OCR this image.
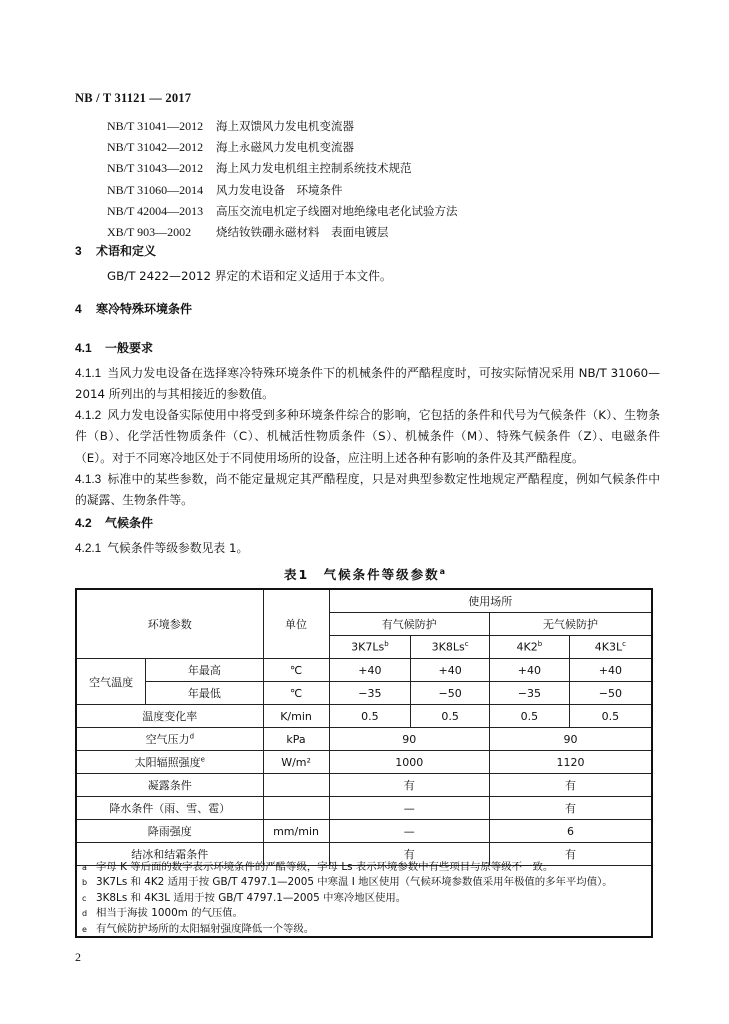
NB / T 31121 — 2017
NB/T 31041—2012	海上双馈风力发电机变流器
NB/T 31042—2012	海上永磁风力发电机变流器
NB/T 31043—2012	海上风力发电机组主控制系统技术规范
NB/T 31060—2014	风力发电设备　环境条件
NB/T 42004—2013	高压交流电机定子线圈对地绝缘电老化试验方法
XB/T 903—2002	烧结钕铁硼永磁材料　表面电镀层
3 术语和定义
GB/T 2422—2012 界定的术语和定义适用于本文件。
4 寒冷特殊环境条件
4.1 一般要求
4.1.1 当风力发电设备在选择寒冷特殊环境条件下的机械条件的严酷程度时，可按实际情况采用 NB/T 31060—2014 所列出的与其相接近的参数值。
4.1.2 风力发电设备实际使用中将受到多种环境条件综合的影响，它包括的条件和代号为气候条件（K）、生物条件（B）、化学活性物质条件（C）、机械活性物质条件（S）、机械条件（M）、特殊气候条件（Z）、电磁条件（E）。对于不同寒冷地区处于不同使用场所的设备，应注明上述各种有影响的条件及其严酷程度。
4.1.3 标准中的某些参数，尚不能定量规定其严酷程度，只是对典型参数定性地规定严酷程度，例如气候条件中的凝露、生物条件等。
4.2 气候条件
4.2.1 气候条件等级参数见表 1。
表1　气候条件等级参数$^a$
环境参数		单位	使用场所			
			有气候防护		无气候防护	
			3K7Ls$^b$	3K8Ls$^c$	4K2$^b$	$4K3L^c$
空气温度	年最高	℃	+40	+40	+40	+40
	年最低	℃	−35	−50	−35	−50
温度变化率		K/min	0.5	0.5	0.5	0.5
空气压力$^d$		kPa	90		90	
太阳辐照强度$^e$		W/m²	1000		1120	
凝露条件			有		有	
降水条件（雨、雪、雹）			—		有	
降雨强度		mm/min	—		6	
结冰和结霜条件			有		有	

a 字母 K 等后面的数字表示环境条件的严酷等级，字母 Ls 表示环境参数中有些项目与原等级不一致。
b 3K7Ls 和 4K2 适用于按 GB/T 4797.1—2005 中寒温 I 地区使用（气候环境参数值采用年极值的多年平均值）。
c 3K8Ls 和 4K3L 适用于按 GB/T 4797.1—2005 中寒冷地区使用。
d 相当于海拔 1000m 的气压值。
e 有气候防护场所的太阳辐射强度降低一个等级。
2
